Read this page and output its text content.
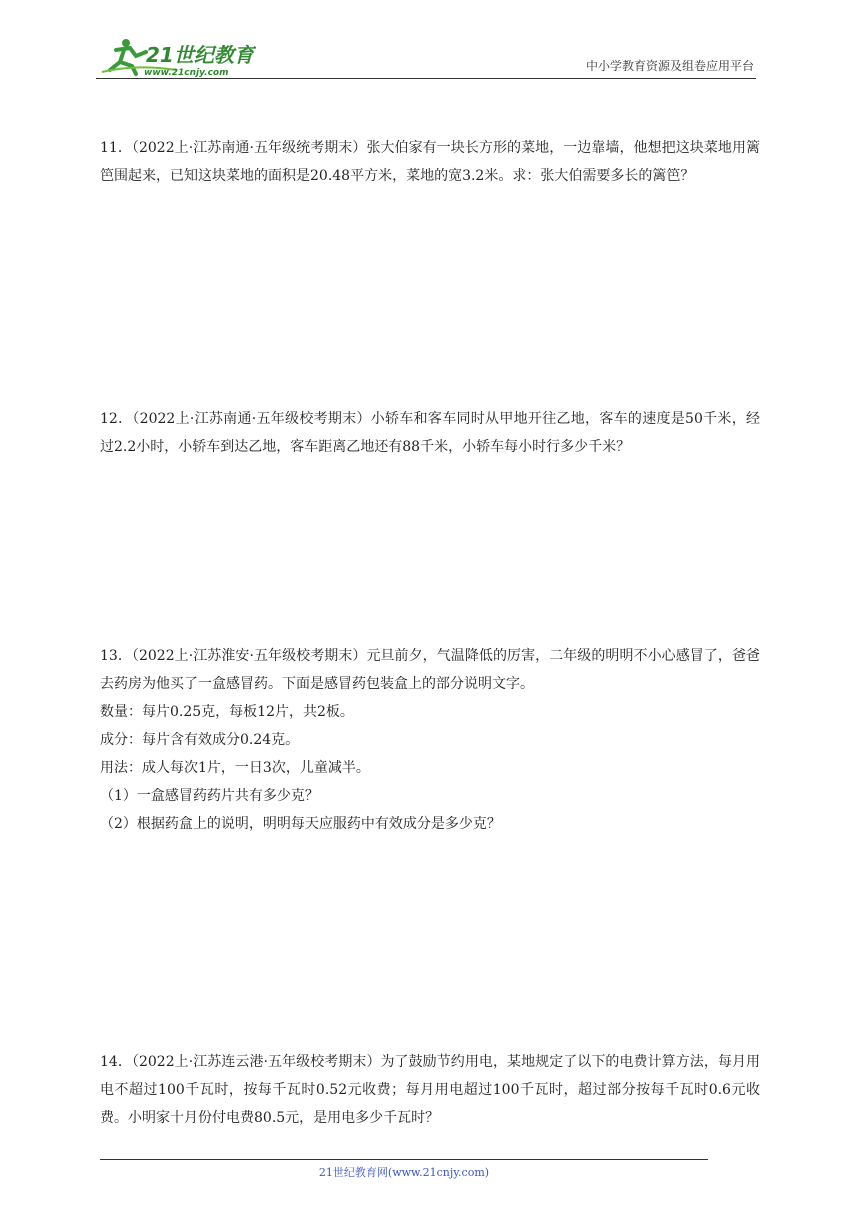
21世纪教育
www.21cnjy.com	中小学教育资源及组卷应用平台

11．（2022上·江苏南通·五年级统考期末）张大伯家有一块长方形的菜地，一边靠墙，他想把这块菜地用篱笆围起来，已知这块菜地的面积是20.48平方米，菜地的宽3.2米。求：张大伯需要多长的篱笆？

12．（2022上·江苏南通·五年级校考期末）小轿车和客车同时从甲地开往乙地，客车的速度是50千米，经过2.2小时，小轿车到达乙地，客车距离乙地还有88千米，小轿车每小时行多少千米？

13．（2022上·江苏淮安·五年级校考期末）元旦前夕，气温降低的厉害，二年级的明明不小心感冒了，爸爸去药房为他买了一盒感冒药。下面是感冒药包装盒上的部分说明文字。

数量：每片0.25克，每板12片，共2板。
成分：每片含有效成分0.24克。
用法：成人每次1片，一日3次，儿童减半。
（1）一盒感冒药药片共有多少克？
（2）根据药盒上的说明，明明每天应服药中有效成分是多少克？

14．（2022上·江苏连云港·五年级校考期末）为了鼓励节约用电，某地规定了以下的电费计算方法，每月用电不超过100千瓦时，按每千瓦时0.52元收费；每月用电超过100千瓦时，超过部分按每千瓦时0.6元收费。小明家十月份付电费80.5元，是用电多少千瓦时？

21世纪教育网(www.21cnjy.com)
